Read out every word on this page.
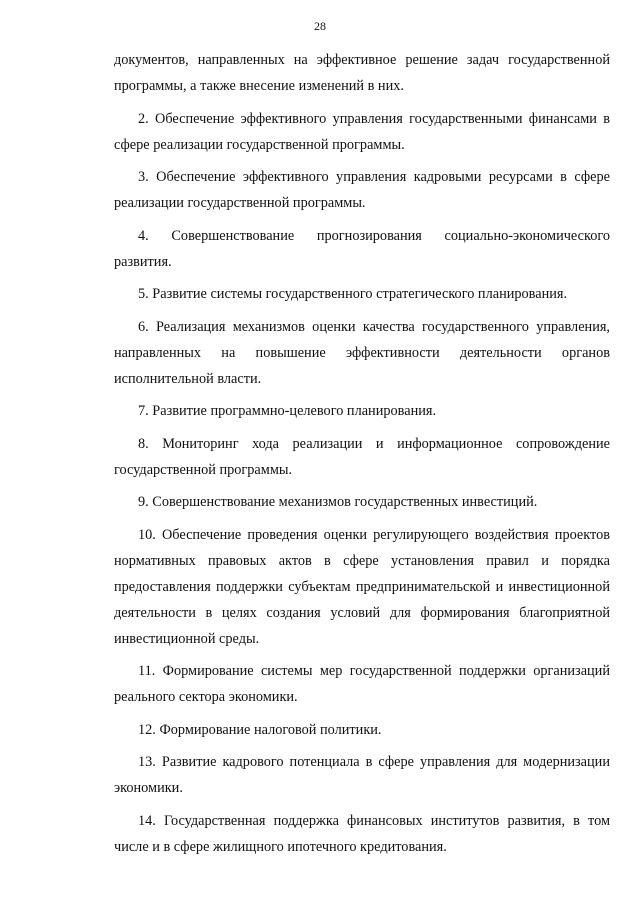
28

документов, направленных на эффективное решение задач государственной программы, а также внесение изменений в них.

2. Обеспечение эффективного управления государственными финансами в сфере реализации государственной программы.

3. Обеспечение эффективного управления кадровыми ресурсами в сфере реализации государственной программы.

4. Совершенствование прогнозирования социально-экономического развития.

5. Развитие системы государственного стратегического планирования.

6. Реализация механизмов оценки качества государственного управления, направленных на повышение эффективности деятельности органов исполнительной власти.

7. Развитие программно-целевого планирования.

8. Мониторинг хода реализации и информационное сопровождение государственной программы.

9. Совершенствование механизмов государственных инвестиций.

10. Обеспечение проведения оценки регулирующего воздействия проектов нормативных правовых актов в сфере установления правил и порядка предоставления поддержки субъектам предпринимательской и инвестиционной деятельности в целях создания условий для формирования благоприятной инвестиционной среды.

11. Формирование системы мер государственной поддержки организаций реального сектора экономики.

12. Формирование налоговой политики.

13. Развитие кадрового потенциала в сфере управления для модернизации экономики.

14. Государственная поддержка финансовых институтов развития, в том числе и в сфере жилищного ипотечного кредитования.
